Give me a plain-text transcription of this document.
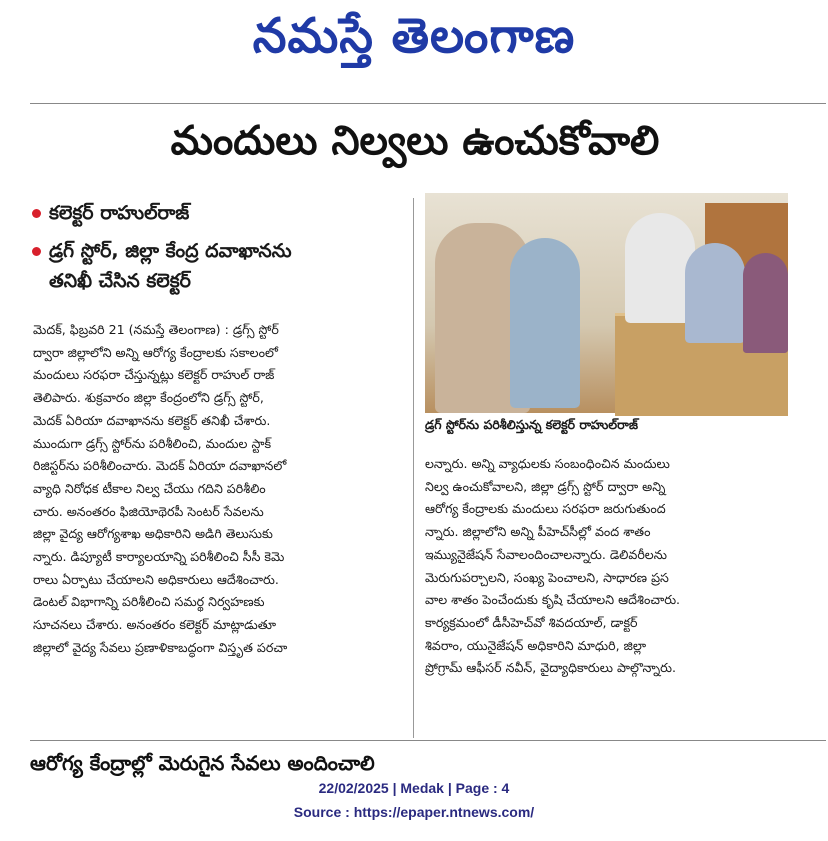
నమస్తే తెలంగాణ
మందులు నిల్వలు ఉంచుకోవాలి
కలెక్టర్ రాహుల్‌రాజ్
డ్రగ్ స్టోర్, జిల్లా కేంద్ర దవాఖానను
తనిఖీ చేసిన కలెక్టర్
డ్రగ్ స్టోర్‌ను పరిశీలిస్తున్న కలెక్టర్ రాహుల్‌రాజ్
మెదక్, ఫిబ్రవరి 21 (నమస్తే తెలంగాణ) : డ్రగ్స్ స్టోర్
ద్వారా జిల్లాలోని అన్ని ఆరోగ్య కేంద్రాలకు సకాలంలో
మందులు సరఫరా చేస్తున్నట్లు కలెక్టర్ రాహుల్ రాజ్
తెలిపారు. శుక్రవారం జిల్లా కేంద్రంలోని డ్రగ్స్ స్టోర్,
మెదక్ ఏరియా దవాఖానను కలెక్టర్ తనిఖీ చేశారు.
ముందుగా డ్రగ్స్ స్టోర్‌ను పరిశీలించి, మందుల స్టాక్
రిజిస్టర్‌ను పరిశీలించారు. మెదక్ ఏరియా దవాఖానలో
వ్యాధి నిరోధక టీకాల నిల్వ చేయు గదిని పరిశీలిం
చారు. అనంతరం ఫిజియోథెరపీ సెంటర్ సేవలను
జిల్లా వైద్య ఆరోగ్యశాఖ అధికారిని అడిగి తెలుసుకు
న్నారు. డిప్యూటీ కార్యాలయాన్ని పరిశీలించి సీసీ కెమె
రాలు ఏర్పాటు చేయాలని అధికారులు ఆదేశించారు.
డెంటల్ విభాగాన్ని పరిశీలించి సమర్థ నిర్వహణకు
సూచనలు చేశారు. అనంతరం కలెక్టర్ మాట్లాడుతూ
జిల్లాలో వైద్య సేవలు ప్రణాళికాబద్ధంగా విస్తృత పరచా
లన్నారు. అన్ని వ్యాధులకు సంబంధించిన మందులు
నిల్వ ఉంచుకోవాలని, జిల్లా డ్రగ్స్ స్టోర్ ద్వారా అన్ని
ఆరోగ్య కేంద్రాలకు మందులు సరఫరా జరుగుతుంద
న్నారు. జిల్లాలోని అన్ని పీహెచ్‌సీల్లో వంద శాతం
ఇమ్యునైజేషన్ సేవాలందించాలన్నారు. డెలివరీలను
మెరుగుపర్చాలని, సంఖ్య పెంచాలని, సాధారణ ప్రస
వాల శాతం పెంచేందుకు కృషి చేయాలని ఆదేశించారు.
కార్యక్రమంలో డీసీహెచ్‌వో శివదయాల్, డాక్టర్
శివరాం, యునైజేషన్ అధికారిని మాధురి, జిల్లా
ప్రోగ్రామ్ ఆఫీసర్ నవీన్, వైద్యాధికారులు పాల్గొన్నారు.
ఆరోగ్య కేంద్రాల్లో మెరుగైన సేవలు అందించాలి
22/02/2025 | Medak | Page : 4
Source : https://epaper.ntnews.com/
